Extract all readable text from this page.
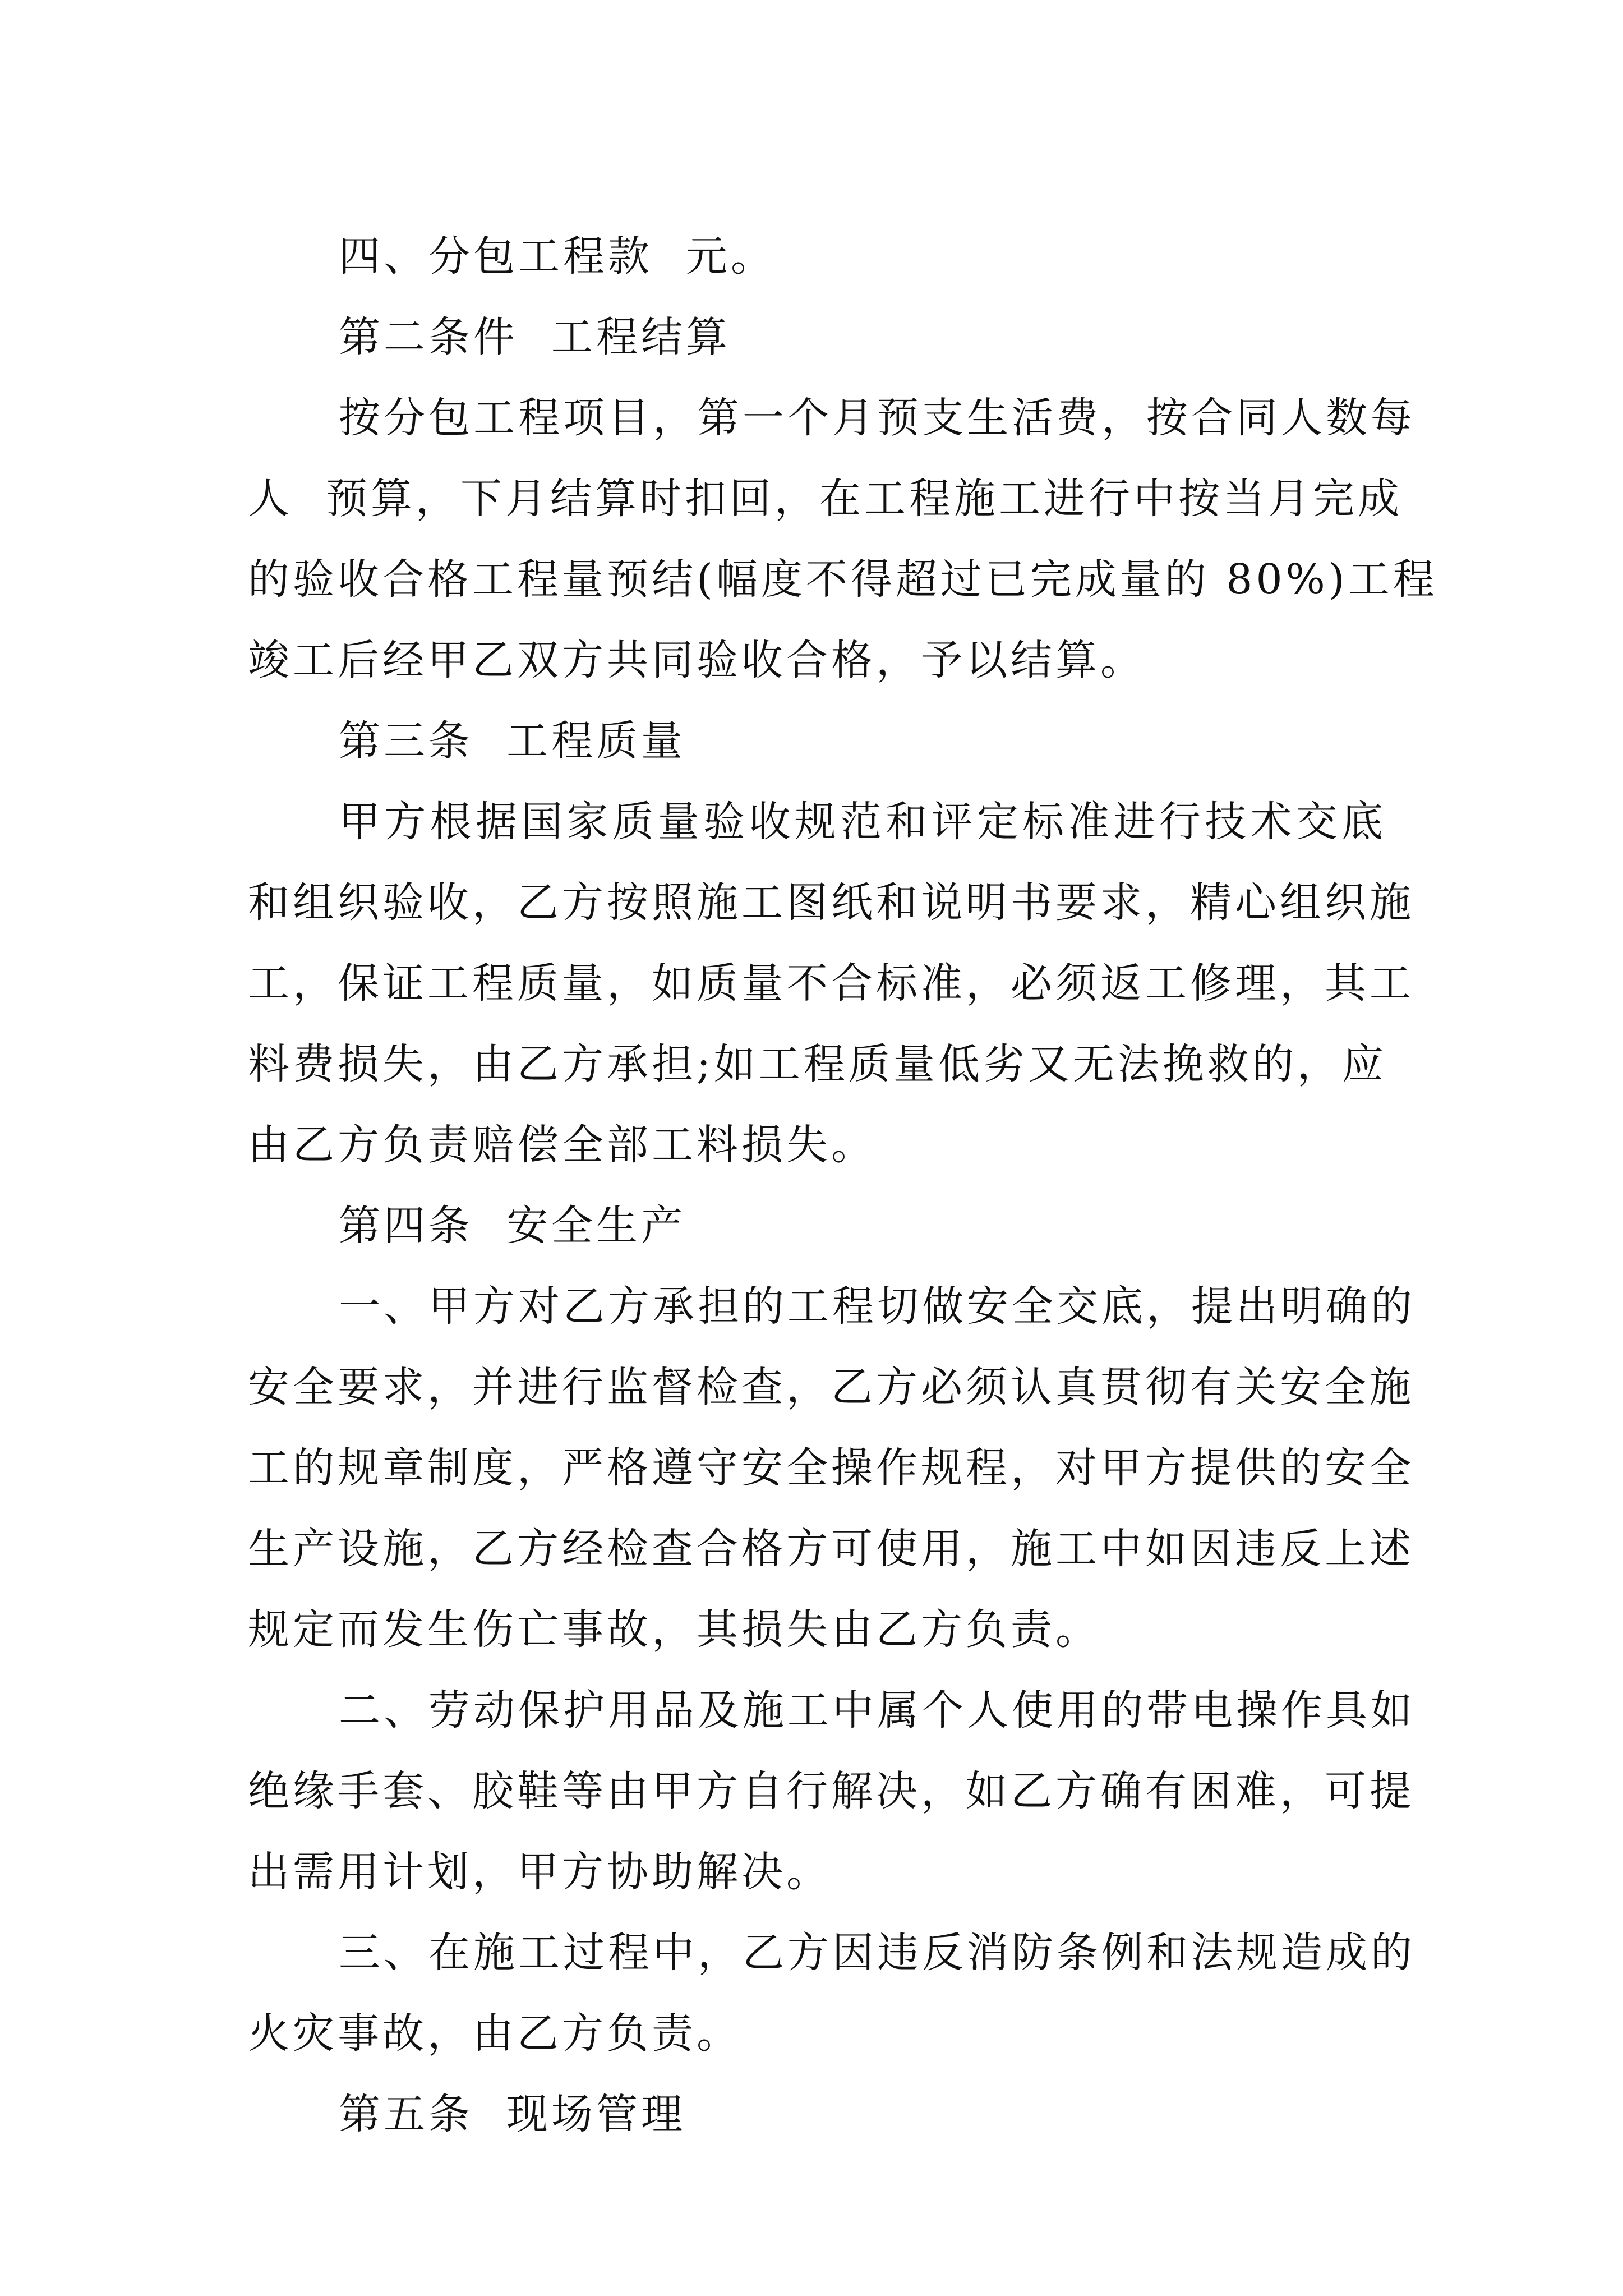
四、分包工程款  元。
第二条件  工程结算
按分包工程项目，第一个月预支生活费，按合同人数每
人  预算，下月结算时扣回，在工程施工进行中按当月完成
的验收合格工程量预结(幅度不得超过已完成量的 80%)工程
竣工后经甲乙双方共同验收合格，予以结算。
第三条  工程质量
甲方根据国家质量验收规范和评定标准进行技术交底
和组织验收，乙方按照施工图纸和说明书要求，精心组织施
工，保证工程质量，如质量不合标准，必须返工修理，其工
料费损失，由乙方承担;如工程质量低劣又无法挽救的，应
由乙方负责赔偿全部工料损失。
第四条  安全生产
一、甲方对乙方承担的工程切做安全交底，提出明确的
安全要求，并进行监督检查，乙方必须认真贯彻有关安全施
工的规章制度，严格遵守安全操作规程，对甲方提供的安全
生产设施，乙方经检查合格方可使用，施工中如因违反上述
规定而发生伤亡事故，其损失由乙方负责。
二、劳动保护用品及施工中属个人使用的带电操作具如
绝缘手套、胶鞋等由甲方自行解决，如乙方确有困难，可提
出需用计划，甲方协助解决。
三、在施工过程中，乙方因违反消防条例和法规造成的
火灾事故，由乙方负责。
第五条  现场管理
